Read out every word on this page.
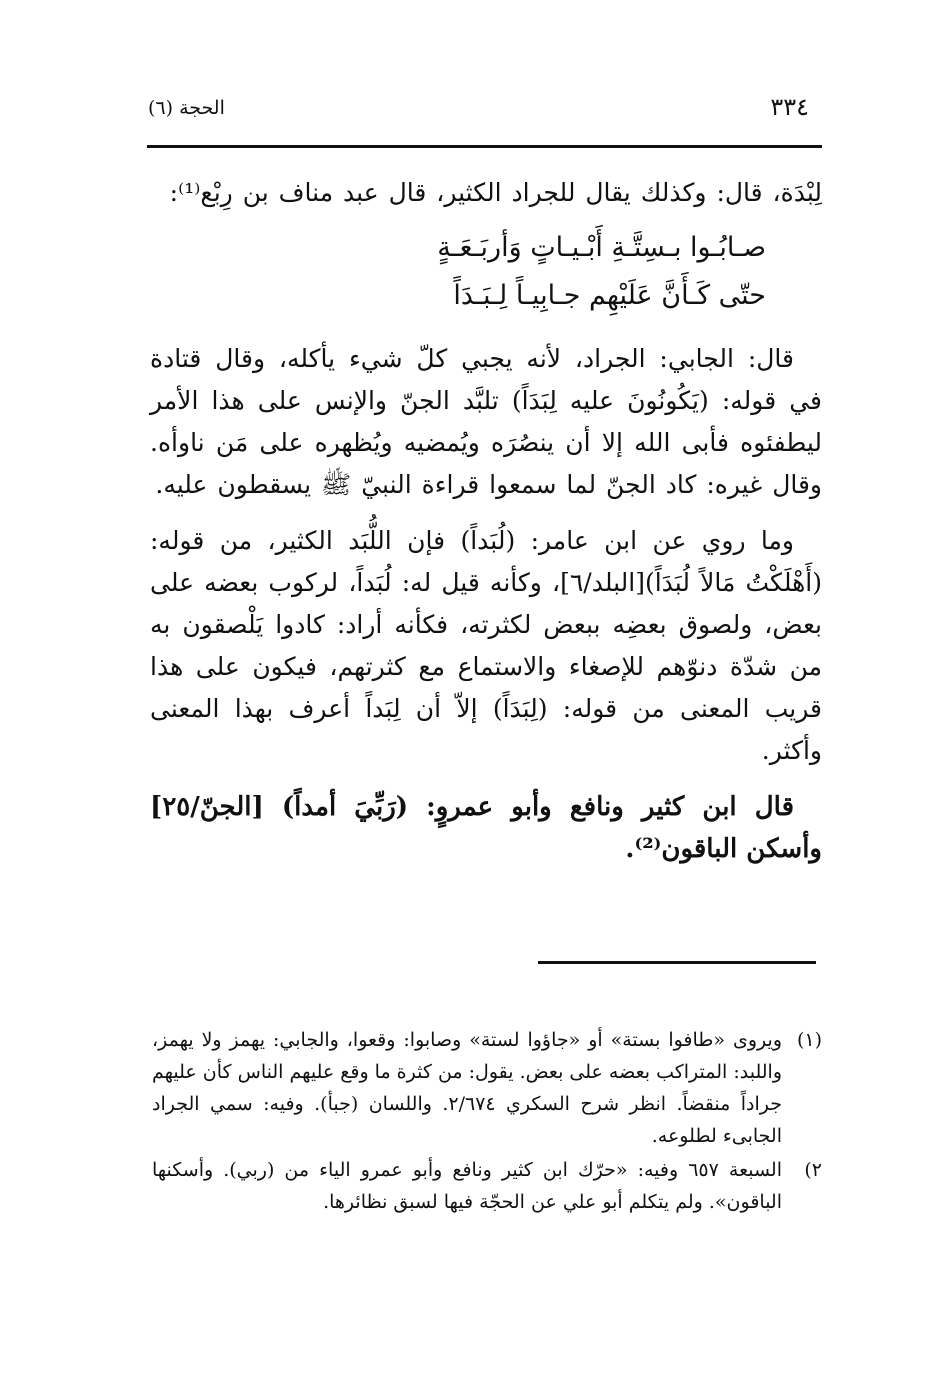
٣٣٤
الحجة (٦)

لِبْدَة، قال: وكذلك يقال للجراد الكثير، قال عبد مناف بن رِبْع⁽¹⁾:

صـابُـوا بـسِتَّـةِ أَبْـيـاتٍ وَأربَـعَـةٍ
حتّى كَـأَنَّ عَلَيْهِم جـابِيـاً لِـبَـدَاً

قال: الجابي: الجراد، لأنه يجبي كلّ شيء يأكله، وقال قتادة في قوله: (يَكُونُونَ عليه لِبَدَاً) تلبَّد الجنّ والإنس على هذا الأمر ليطفئوه فأبى الله إلا أن ينصُرَه ويُمضيه ويُظهره على مَن ناوأه. وقال غيره: كاد الجنّ لما سمعوا قراءة النبيّ ﷺ يسقطون عليه.

وما روي عن ابن عامر: (لُبَداً) فإن اللُّبَد الكثير، من قوله: (أَهْلَكْتُ مَالاً لُبَدَاً)[البلد/٦]، وكأنه قيل له: لُبَداً، لركوب بعضه على بعض، ولصوق بعضِه ببعض لكثرته، فكأنه أراد: كادوا يَلْصقون به من شدّة دنوّهم للإصغاء والاستماع مع كثرتهم، فيكون على هذا قريب المعنى من قوله: (لِبَدَاً) إلاّ أن لِبَداً أعرف بهذا المعنى وأكثر.

قال ابن كثير ونافع وأبو عمروٍ: (رَبِّيَ أمداً) [الجنّ/٢٥] وأسكن الباقون⁽²⁾.

(١)ويروى «طافوا بستة» أو «جاؤوا لستة» وصابوا: وقعوا، والجابي: يهمز ولا يهمز، واللبد: المتراكب بعضه على بعض. يقول: من كثرة ما وقع عليهم الناس كأن عليهم جراداً منقضاً. انظر شرح السكري ٢/٦٧٤. واللسان (جبأ). وفيه: سمي الجراد الجابىء لطلوعه.

٢)السبعة ٦٥٧ وفيه: «حرّك ابن كثير ونافع وأبو عمرو الياء من (ربي). وأسكنها الباقون». ولم يتكلم أبو علي عن الحجّة فيها لسبق نظائرها.
